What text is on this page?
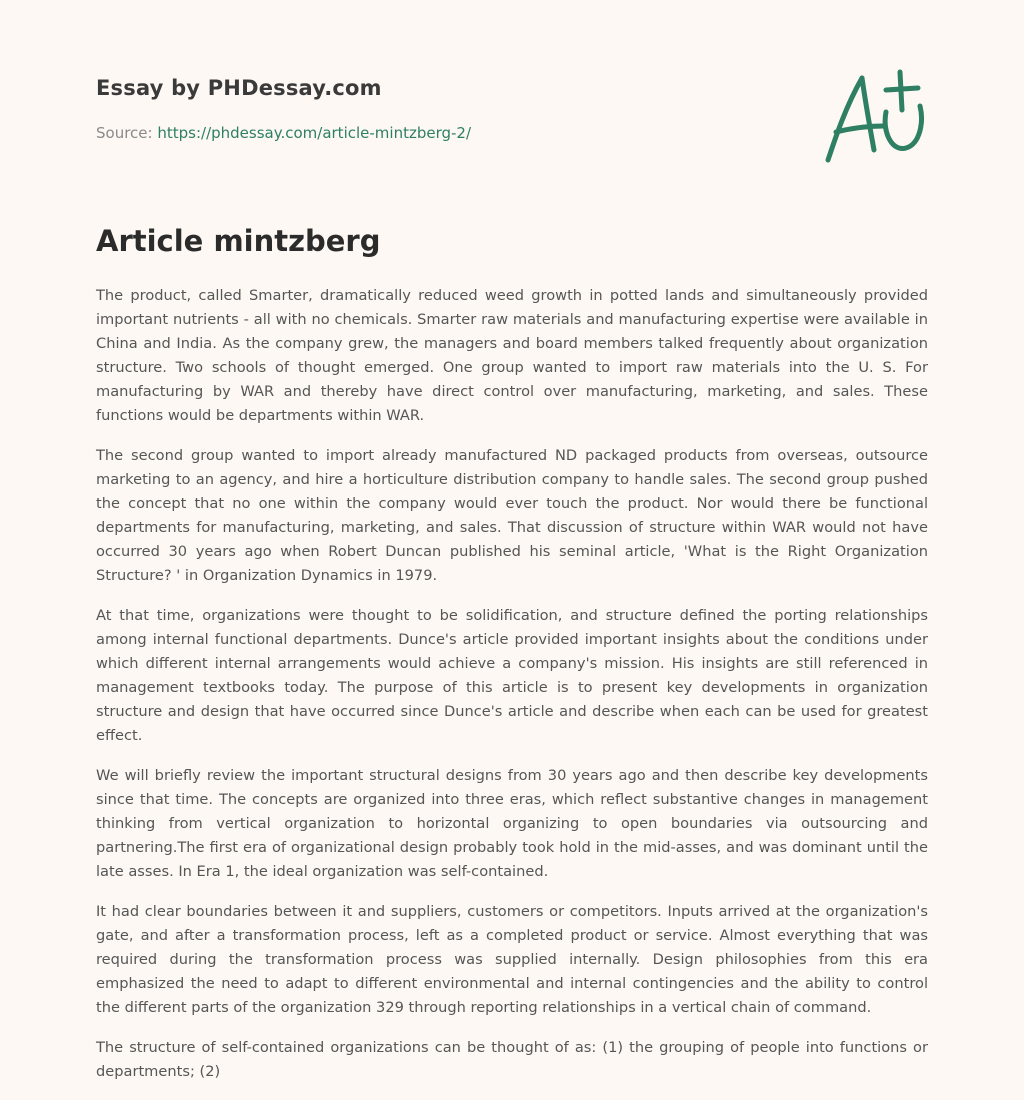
Essay by PHDessay.com
Source: https://phdessay.com/article-mintzberg-2/
Article mintzberg

The product, called Smarter, dramatically reduced weed growth in potted lands and simultaneously provided important nutrients - all with no chemicals. Smarter raw materials and manufacturing expertise were available in China and India. As the company grew, the managers and board members talked frequently about organization structure. Two schools of thought emerged. One group wanted to import raw materials into the U. S. For manufacturing by WAR and thereby have direct control over manufacturing, marketing, and sales. These functions would be departments within WAR.

The second group wanted to import already manufactured ND packaged products from overseas, outsource marketing to an agency, and hire a horticulture distribution company to handle sales. The second group pushed the concept that no one within the company would ever touch the product. Nor would there be functional departments for manufacturing, marketing, and sales. That discussion of structure within WAR would not have occurred 30 years ago when Robert Duncan published his seminal article, 'What is the Right Organization Structure? ' in Organization Dynamics in 1979.

At that time, organizations were thought to be solidification, and structure defined the porting relationships among internal functional departments. Dunce's article provided important insights about the conditions under which different internal arrangements would achieve a company's mission. His insights are still referenced in management textbooks today. The purpose of this article is to present key developments in organization structure and design that have occurred since Dunce's article and describe when each can be used for greatest effect.

We will briefly review the important structural designs from 30 years ago and then describe key developments since that time. The concepts are organized into three eras, which reflect substantive changes in management thinking from vertical organization to horizontal organizing to open boundaries via outsourcing and partnering.The first era of organizational design probably took hold in the mid-asses, and was dominant until the late asses. In Era 1, the ideal organization was self-contained.

It had clear boundaries between it and suppliers, customers or competitors. Inputs arrived at the organization's gate, and after a transformation process, left as a completed product or service. Almost everything that was required during the transformation process was supplied internally. Design philosophies from this era emphasized the need to adapt to different environmental and internal contingencies and the ability to control the different parts of the organization 329 through reporting relationships in a vertical chain of command.

The structure of self-contained organizations can be thought of as: (1) the grouping of people into functions or departments; (2)
